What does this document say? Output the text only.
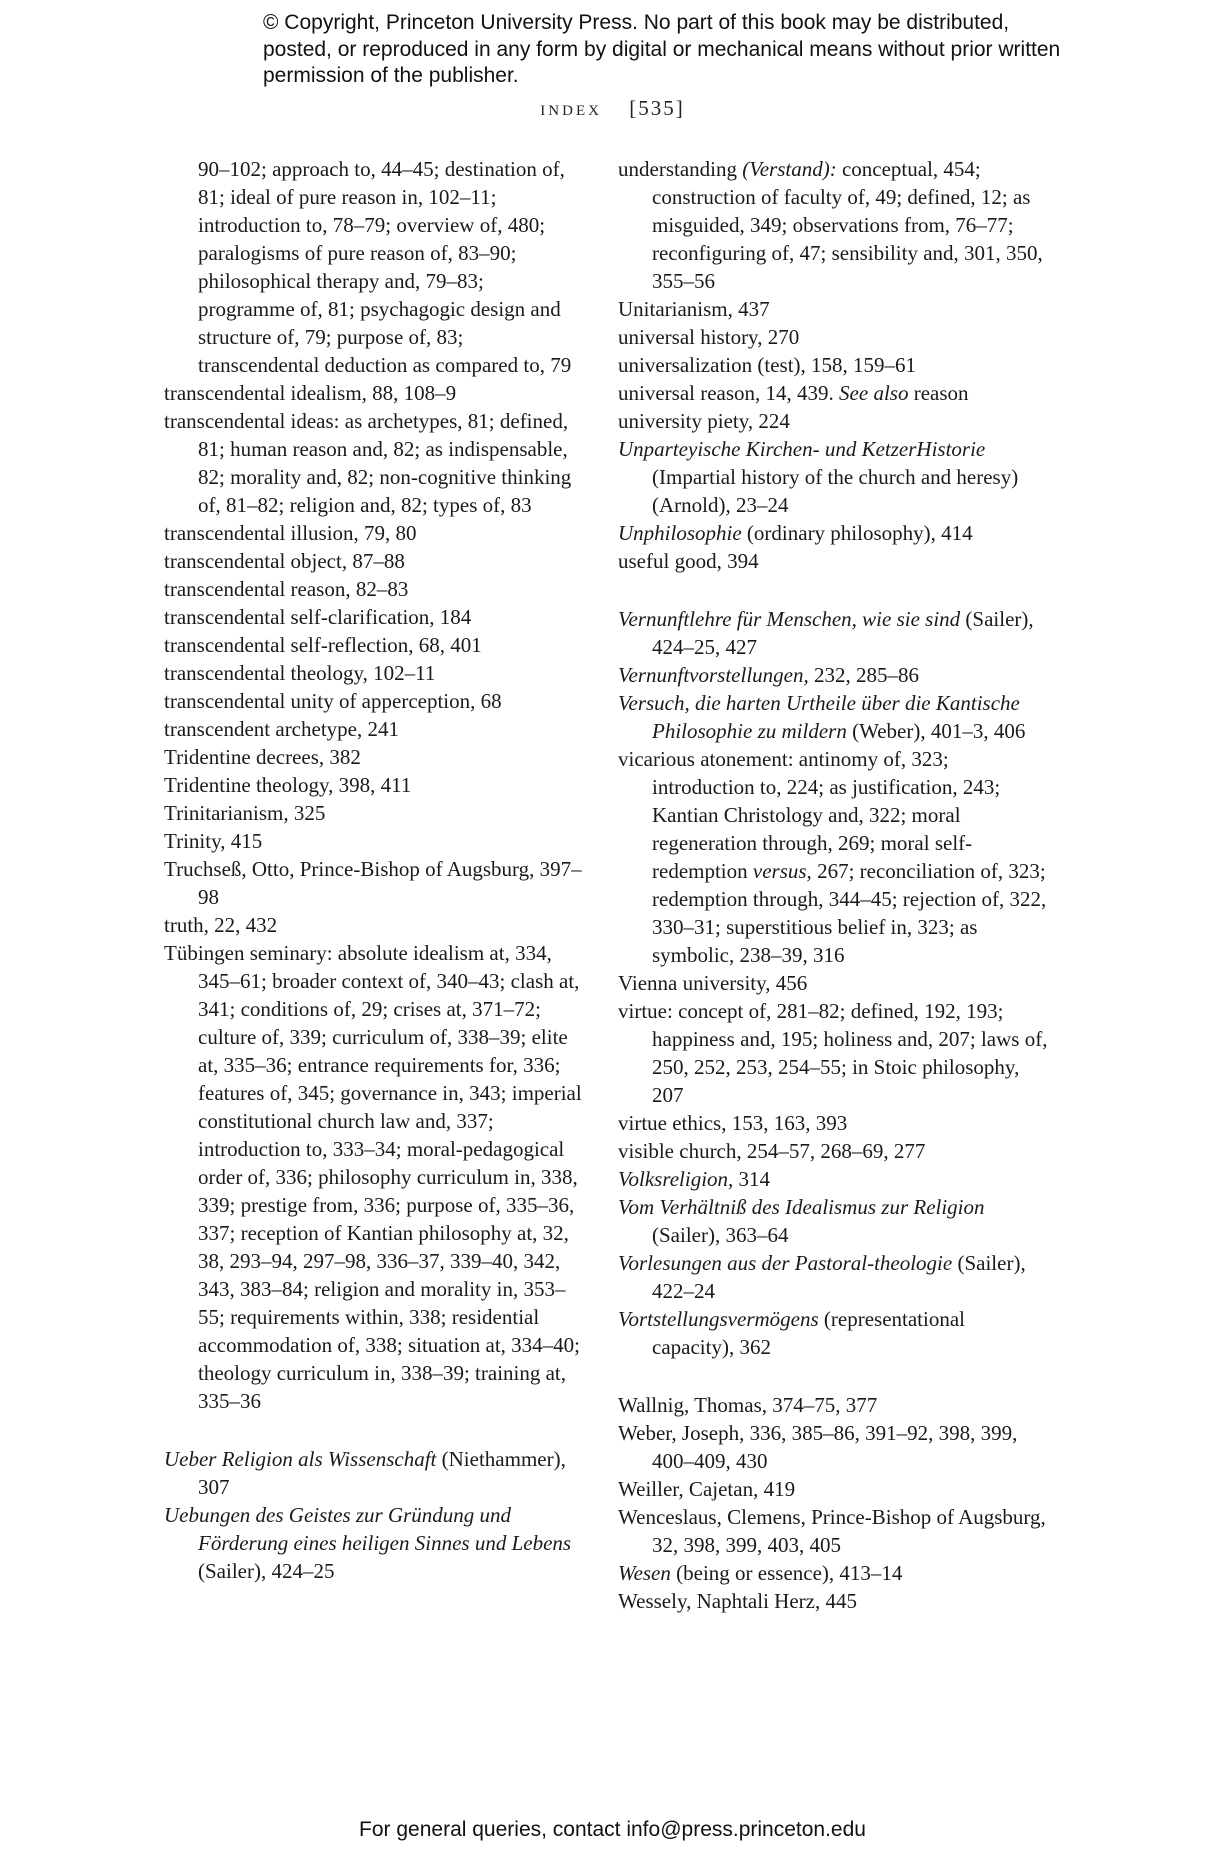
© Copyright, Princeton University Press. No part of this book may be distributed, posted, or reproduced in any form by digital or mechanical means without prior written permission of the publisher.
index [535]

90–102; approach to, 44–45; destination of, 81; ideal of pure reason in, 102–11; introduction to, 78–79; overview of, 480; paralogisms of pure reason of, 83–90; philosophical therapy and, 79–83; programme of, 81; psychagogic design and structure of, 79; purpose of, 83; transcendental deduction as compared to, 79

transcendental idealism, 88, 108–9

transcendental ideas: as archetypes, 81; defined, 81; human reason and, 82; as indispensable, 82; morality and, 82; non-cognitive thinking of, 81–82; religion and, 82; types of, 83

transcendental illusion, 79, 80

transcendental object, 87–88

transcendental reason, 82–83

transcendental self-clarification, 184

transcendental self-reflection, 68, 401

transcendental theology, 102–11

transcendental unity of apperception, 68

transcendent archetype, 241

Tridentine decrees, 382

Tridentine theology, 398, 411

Trinitarianism, 325

Trinity, 415

Truchseß, Otto, Prince-Bishop of Augsburg, 397–98

truth, 22, 432

Tübingen seminary: absolute idealism at, 334, 345–61; broader context of, 340–43; clash at, 341; conditions of, 29; crises at, 371–72; culture of, 339; curriculum of, 338–39; elite at, 335–36; entrance requirements for, 336; features of, 345; governance in, 343; imperial constitutional church law and, 337; introduction to, 333–34; moral-pedagogical order of, 336; philosophy curriculum in, 338, 339; prestige from, 336; purpose of, 335–36, 337; reception of Kantian philosophy at, 32, 38, 293–94, 297–98, 336–37, 339–40, 342, 343, 383–84; religion and morality in, 353–55; requirements within, 338; residential accommodation of, 338; situation at, 334–40; theology curriculum in, 338–39; training at, 335–36

Ueber Religion als Wissenschaft (Niethammer), 307

Uebungen des Geistes zur Gründung und Förderung eines heiligen Sinnes und Lebens (Sailer), 424–25

understanding (Verstand): conceptual, 454; construction of faculty of, 49; defined, 12; as misguided, 349; observations from, 76–77; reconfiguring of, 47; sensibility and, 301, 350, 355–56

Unitarianism, 437

universal history, 270

universalization (test), 158, 159–61

universal reason, 14, 439. See also reason

university piety, 224

Unparteyische Kirchen- und KetzerHistorie (Impartial history of the church and heresy) (Arnold), 23–24

Unphilosophie (ordinary philosophy), 414

useful good, 394

Vernunftlehre für Menschen, wie sie sind (Sailer), 424–25, 427

Vernunftvorstellungen, 232, 285–86

Versuch, die harten Urtheile über die Kantische Philosophie zu mildern (Weber), 401–3, 406

vicarious atonement: antinomy of, 323; introduction to, 224; as justification, 243; Kantian Christology and, 322; moral regeneration through, 269; moral self-redemption versus, 267; reconciliation of, 323; redemption through, 344–45; rejection of, 322, 330–31; superstitious belief in, 323; as symbolic, 238–39, 316

Vienna university, 456

virtue: concept of, 281–82; defined, 192, 193; happiness and, 195; holiness and, 207; laws of, 250, 252, 253, 254–55; in Stoic philosophy, 207

virtue ethics, 153, 163, 393

visible church, 254–57, 268–69, 277

Volksreligion, 314

Vom Verhältniß des Idealismus zur Religion (Sailer), 363–64

Vorlesungen aus der Pastoral-theologie (Sailer), 422–24

Vortstellungsvermögens (representational capacity), 362

Wallnig, Thomas, 374–75, 377

Weber, Joseph, 336, 385–86, 391–92, 398, 399, 400–409, 430

Weiller, Cajetan, 419

Wenceslaus, Clemens, Prince-Bishop of Augsburg, 32, 398, 399, 403, 405

Wesen (being or essence), 413–14

Wessely, Naphtali Herz, 445

For general queries, contact info@press.princeton.edu
